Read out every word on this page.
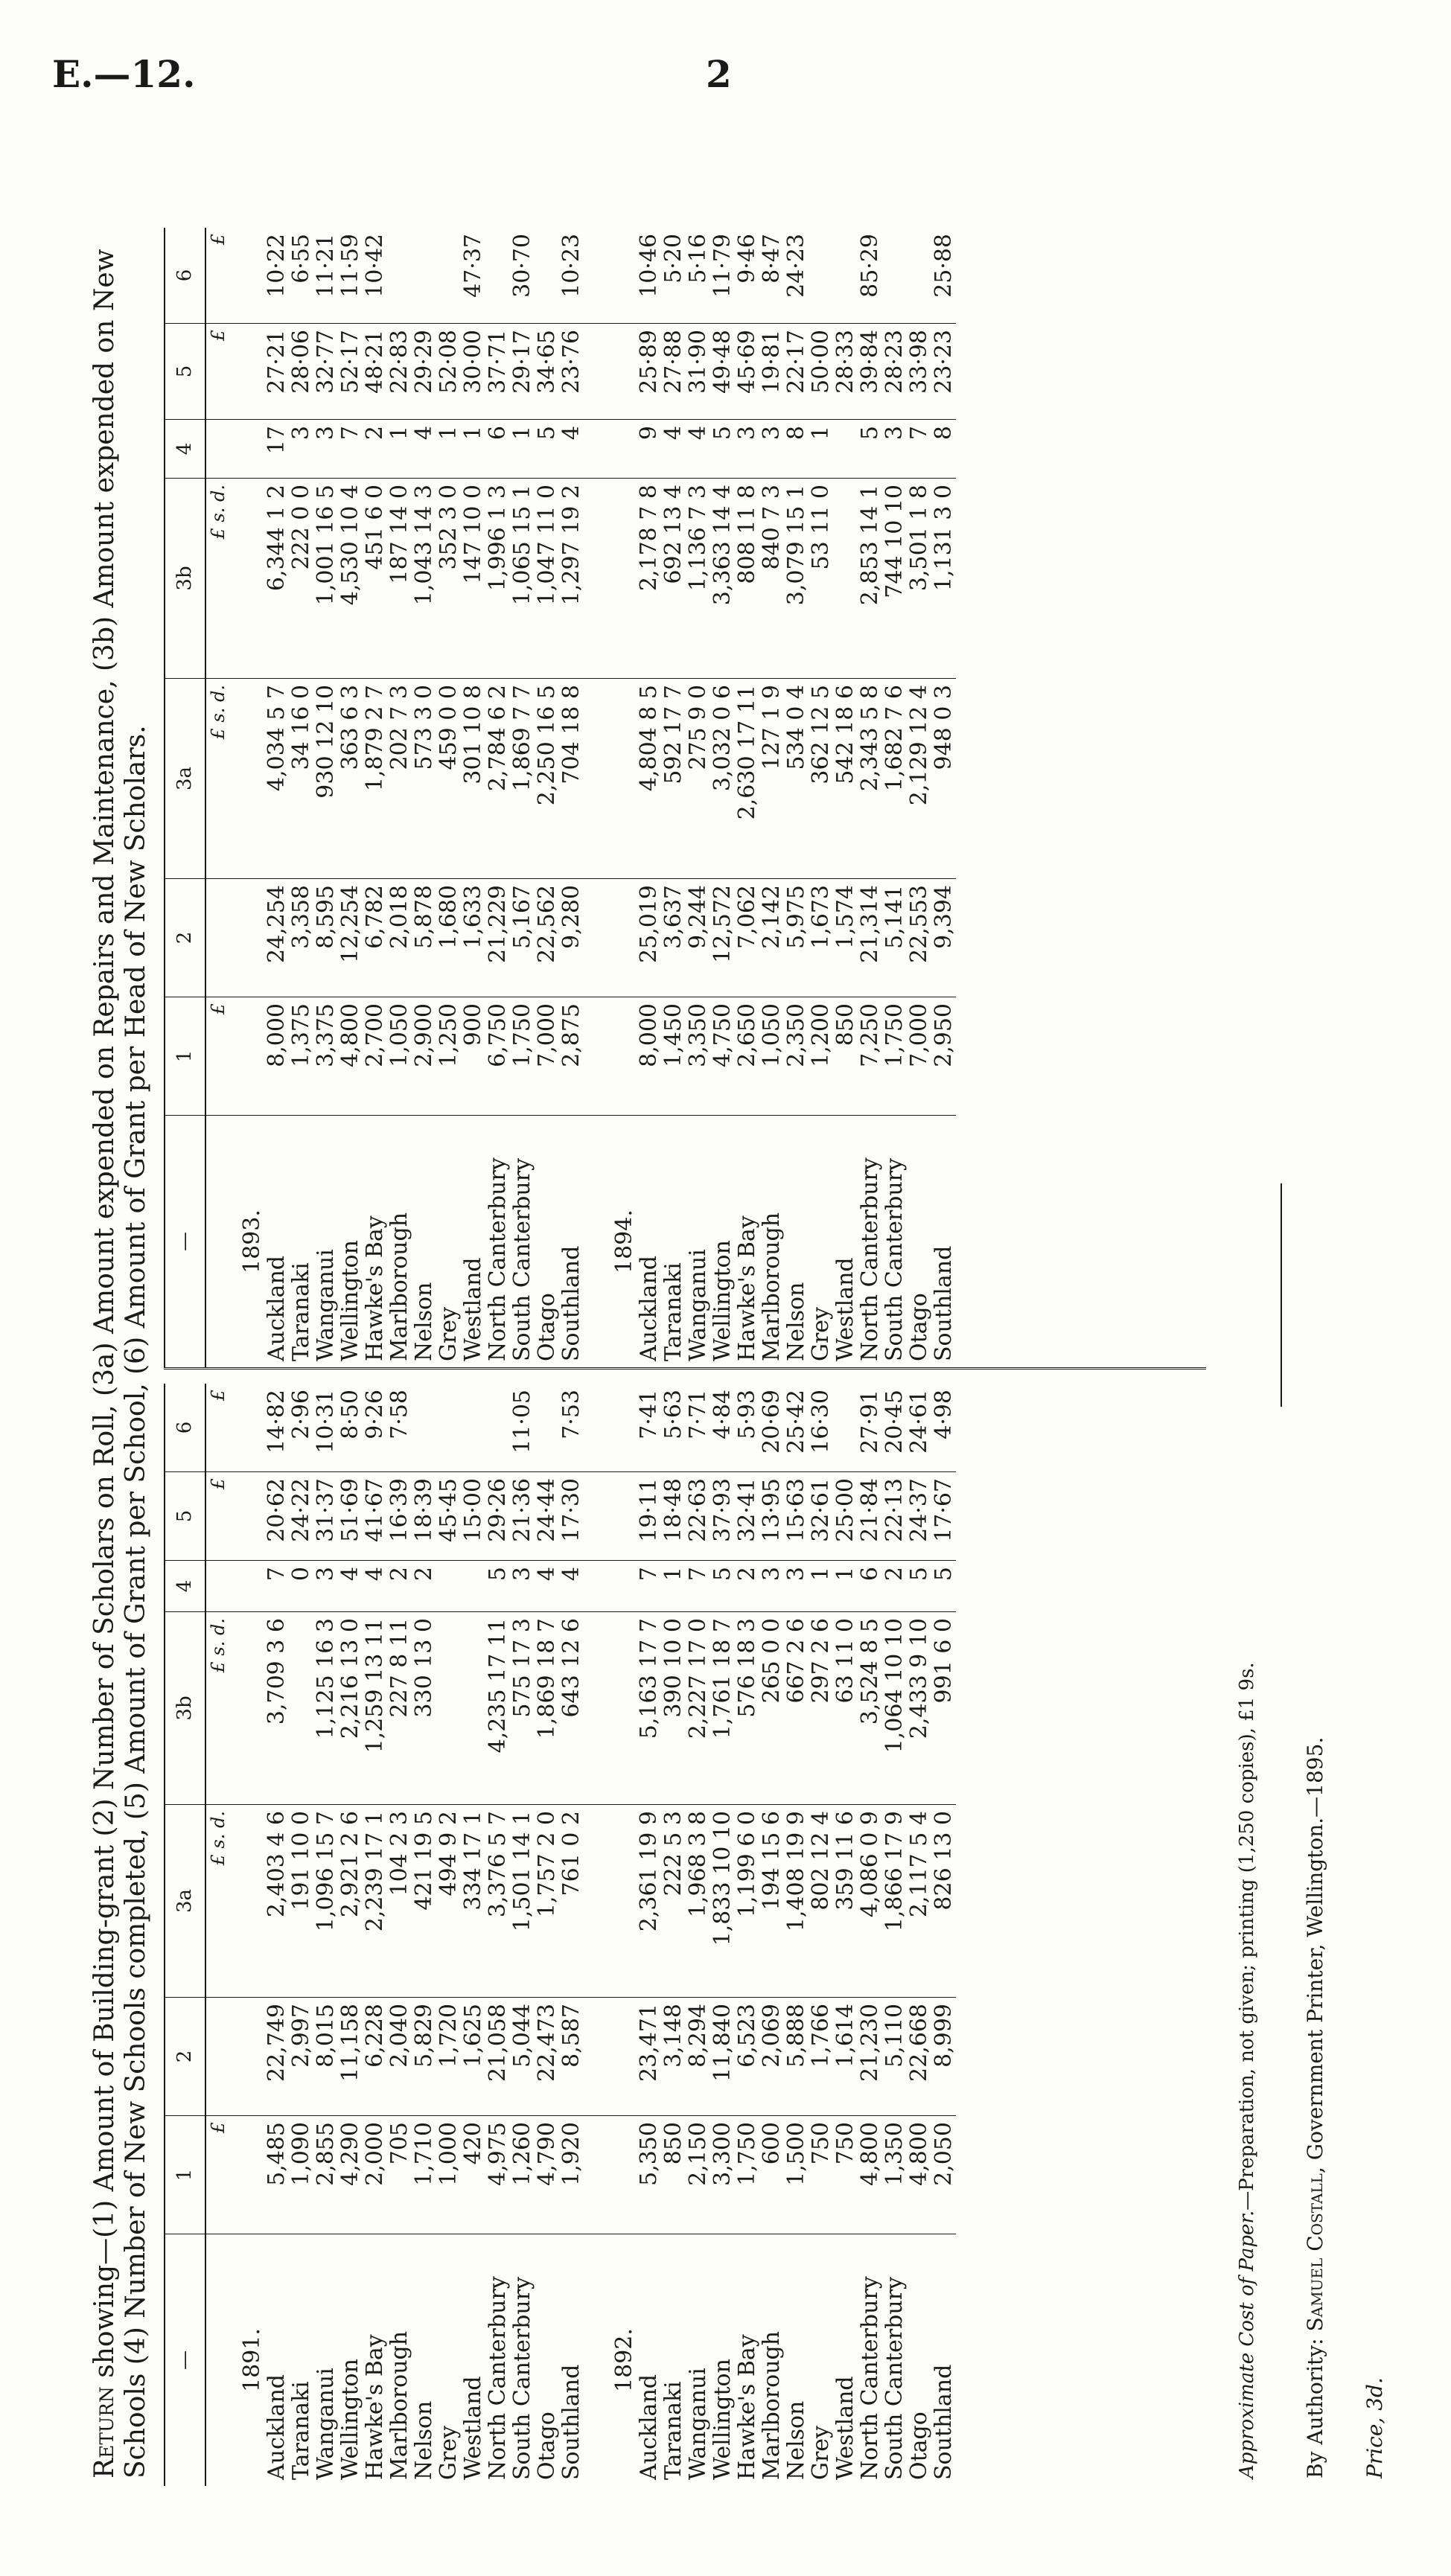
E.—12.	2
Return showing—(1) Amount of Building-grant (2) Number of Scholars on Roll, (3a) Amount expended on Repairs and Maintenance, (3b) Amount expended on New Schools (4) Number of New Schools completed, (5) Amount of Grant per School, (6) Amount of Grant per Head of New Scholars. —	1	2	3a	3b	4	5	6
	£		£ s. d.	£ s. d.		£	£
1891.							
Auckland	5,485	22,749	2,403 4 6	3,709 3 6	7	20·62	14·82
Taranaki	1,090	2,997	191 10 0		0	24·22	2·96
Wanganui	2,855	8,015	1,096 15 7	1,125 16 3	3	31·37	10·31
Wellington	4,290	11,158	2,921 2 6	2,216 13 0	4	51·69	8·50
Hawke's Bay	2,000	6,228	2,239 17 1	1,259 13 11	4	41·67	9·26
Marlborough	705	2,040	104 2 3	227 8 11	2	16·39	7·58
Nelson	1,710	5,829	421 19 5	330 13 0	2	18·39	
Grey	1,000	1,720	494 9 2			45·45	
Westland	420	1,625	334 17 1			15·00	
North Canterbury	4,975	21,058	3,376 5 7	4,235 17 11	5	29·26	
South Canterbury	1,260	5,044	1,501 14 1	575 17 3	3	21·36	11·05
Otago	4,790	22,473	1,757 2 0	1,869 18 7	4	24·44	
Southland	1,920	8,587	761 0 2	643 12 6	4	17·30	7·53

1892.							
Auckland	5,350	23,471	2,361 19 9	5,163 17 7	7	19·11	7·41
Taranaki	850	3,148	222 5 3	390 10 0	1	18·48	5·63
Wanganui	2,150	8,294	1,968 3 8	2,227 17 0	7	22·63	7·71
Wellington	3,300	11,840	1,833 10 10	1,761 18 7	5	37·93	4·84
Hawke's Bay	1,750	6,523	1,199 6 0	576 18 3	2	32·41	5·93
Marlborough	600	2,069	194 15 6	265 0 0	3	13·95	20·69
Nelson	1,500	5,888	1,408 19 9	667 2 6	3	15·63	25·42
Grey	750	1,766	802 12 4	297 2 6	1	32·61	16·30
Westland	750	1,614	359 11 6	63 11 0	1	25·00	
North Canterbury	4,800	21,230	4,086 0 9	3,524 8 5	6	21·84	27·91
South Canterbury	1,350	5,110	1,866 17 9	1,064 10 10	2	22·13	20·45
Otago	4,800	22,668	2,117 5 4	2,433 9 10	5	24·37	24·61
Southland	2,050	8,999	826 13 0	991 6 0	5	17·67	4·98
—	1	2	3a	3b	4	5	6
	£		£ s. d.	£ s. d.		£	£
1893.							
Auckland	8,000	24,254	4,034 5 7	6,344 1 2	17	27·21	10·22
Taranaki	1,375	3,358	34 16 0	222 0 0	3	28·06	6·55
Wanganui	3,375	8,595	930 12 10	1,001 16 5	3	32·77	11·21
Wellington	4,800	12,254	363 6 3	4,530 10 4	7	52·17	11·59
Hawke's Bay	2,700	6,782	1,879 2 7	451 6 0	2	48·21	10·42
Marlborough	1,050	2,018	202 7 3	187 14 0	1	22·83	
Nelson	2,900	5,878	573 3 0	1,043 14 3	4	29·29	
Grey	1,250	1,680	459 0 0	352 3 0	1	52·08	
Westland	900	1,633	301 10 8	147 10 0	1	30·00	47·37
North Canterbury	6,750	21,229	2,784 6 2	1,996 1 3	6	37·71	
South Canterbury	1,750	5,167	1,869 7 7	1,065 15 1	1	29·17	30·70
Otago	7,000	22,562	2,250 16 5	1,047 11 0	5	34·65	
Southland	2,875	9,280	704 18 8	1,297 19 2	4	23·76	10·23

1894.							
Auckland	8,000	25,019	4,804 8 5	2,178 7 8	9	25·89	10·46
Taranaki	1,450	3,637	592 17 7	692 13 4	4	27·88	5·20
Wanganui	3,350	9,244	275 9 0	1,136 7 3	4	31·90	5·16
Wellington	4,750	12,572	3,032 0 6	3,363 14 4	5	49·48	11·79
Hawke's Bay	2,650	7,062	2,630 17 11	808 11 8	3	45·69	9·46
Marlborough	1,050	2,142	127 1 9	840 7 3	3	19·81	8·47
Nelson	2,350	5,975	534 0 4	3,079 15 1	8	22·17	24·23
Grey	1,200	1,673	362 12 5	53 11 0	1	50·00	
Westland	850	1,574	542 18 6			28·33	
North Canterbury	7,250	21,314	2,343 5 8	2,853 14 1	5	39·84	85·29
South Canterbury	1,750	5,141	1,682 7 6	744 10 10	3	28·23	
Otago	7,000	22,553	2,129 12 4	3,501 1 8	7	33·98	
Southland	2,950	9,394	948 0 3	1,131 3 0	8	23·23	25·88
Approximate Cost of Paper.—Preparation, not given; printing (1,250 copies), £1 9s.
By Authority: Samuel Costall, Government Printer, Wellington.—1895.
Price, 3d.
